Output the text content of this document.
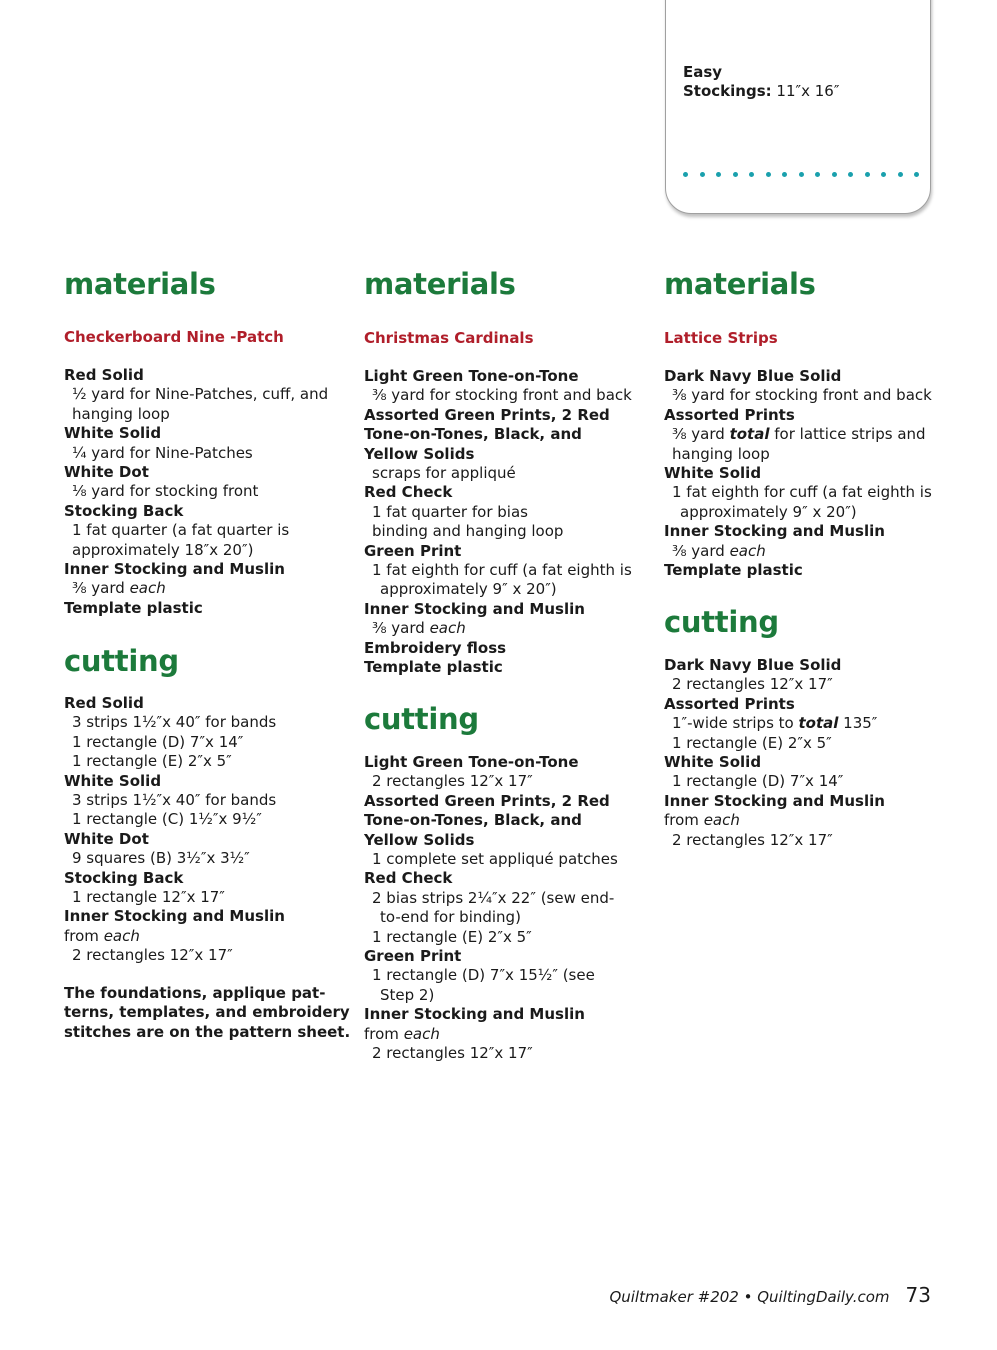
Easy
Stockings: 11″x 16″
materials
Checkerboard Nine -Patch
Red Solid
½ yard for Nine-Patches, cuff, and
hanging loop
White Solid
¼ yard for Nine-Patches
White Dot
⅛ yard for stocking front
Stocking Back
1 fat quarter (a fat quarter is
approximately 18″x 20″)
Inner Stocking and Muslin
⅜ yard each
Template plastic
cutting
Red Solid
3 strips 1½″x 40″ for bands
1 rectangle (D) 7″x 14″
1 rectangle (E) 2″x 5″
White Solid
3 strips 1½″x 40″ for bands
1 rectangle (C) 1½″x 9½″
White Dot
9 squares (B) 3½″x 3½″
Stocking Back
1 rectangle 12″x 17″
Inner Stocking and Muslin
from each
2 rectangles 12″x 17″
The foundations, applique pat-
terns, templates, and embroidery
stitches are on the pattern sheet.
materials
Christmas Cardinals
Light Green Tone-on-Tone
⅜ yard for stocking front and back
Assorted Green Prints, 2 Red
Tone-on-Tones, Black, and
Yellow Solids
scraps for appliqué
Red Check
1 fat quarter for bias
binding and hanging loop
Green Print
1 fat eighth for cuff (a fat eighth is
approximately 9″ x 20″)
Inner Stocking and Muslin
⅜ yard each
Embroidery floss
Template plastic
cutting
Light Green Tone-on-Tone
2 rectangles 12″x 17″
Assorted Green Prints, 2 Red
Tone-on-Tones, Black, and
Yellow Solids
1 complete set appliqué patches
Red Check
2 bias strips 2¼″x 22″ (sew end-
to-end for binding)
1 rectangle (E) 2″x 5″
Green Print
1 rectangle (D) 7″x 15½″ (see
Step 2)
Inner Stocking and Muslin
from each
2 rectangles 12″x 17″
materials
Lattice Strips
Dark Navy Blue Solid
⅜ yard for stocking front and back
Assorted Prints
⅜ yard total for lattice strips and
hanging loop
White Solid
1 fat eighth for cuff (a fat eighth is
approximately 9″ x 20″)
Inner Stocking and Muslin
⅜ yard each
Template plastic
cutting
Dark Navy Blue Solid
2 rectangles 12″x 17″
Assorted Prints
1″-wide strips to total 135″
1 rectangle (E) 2″x 5″
White Solid
1 rectangle (D) 7″x 14″
Inner Stocking and Muslin
from each
2 rectangles 12″x 17″
Quiltmaker #202 • QuiltingDaily.com 73
